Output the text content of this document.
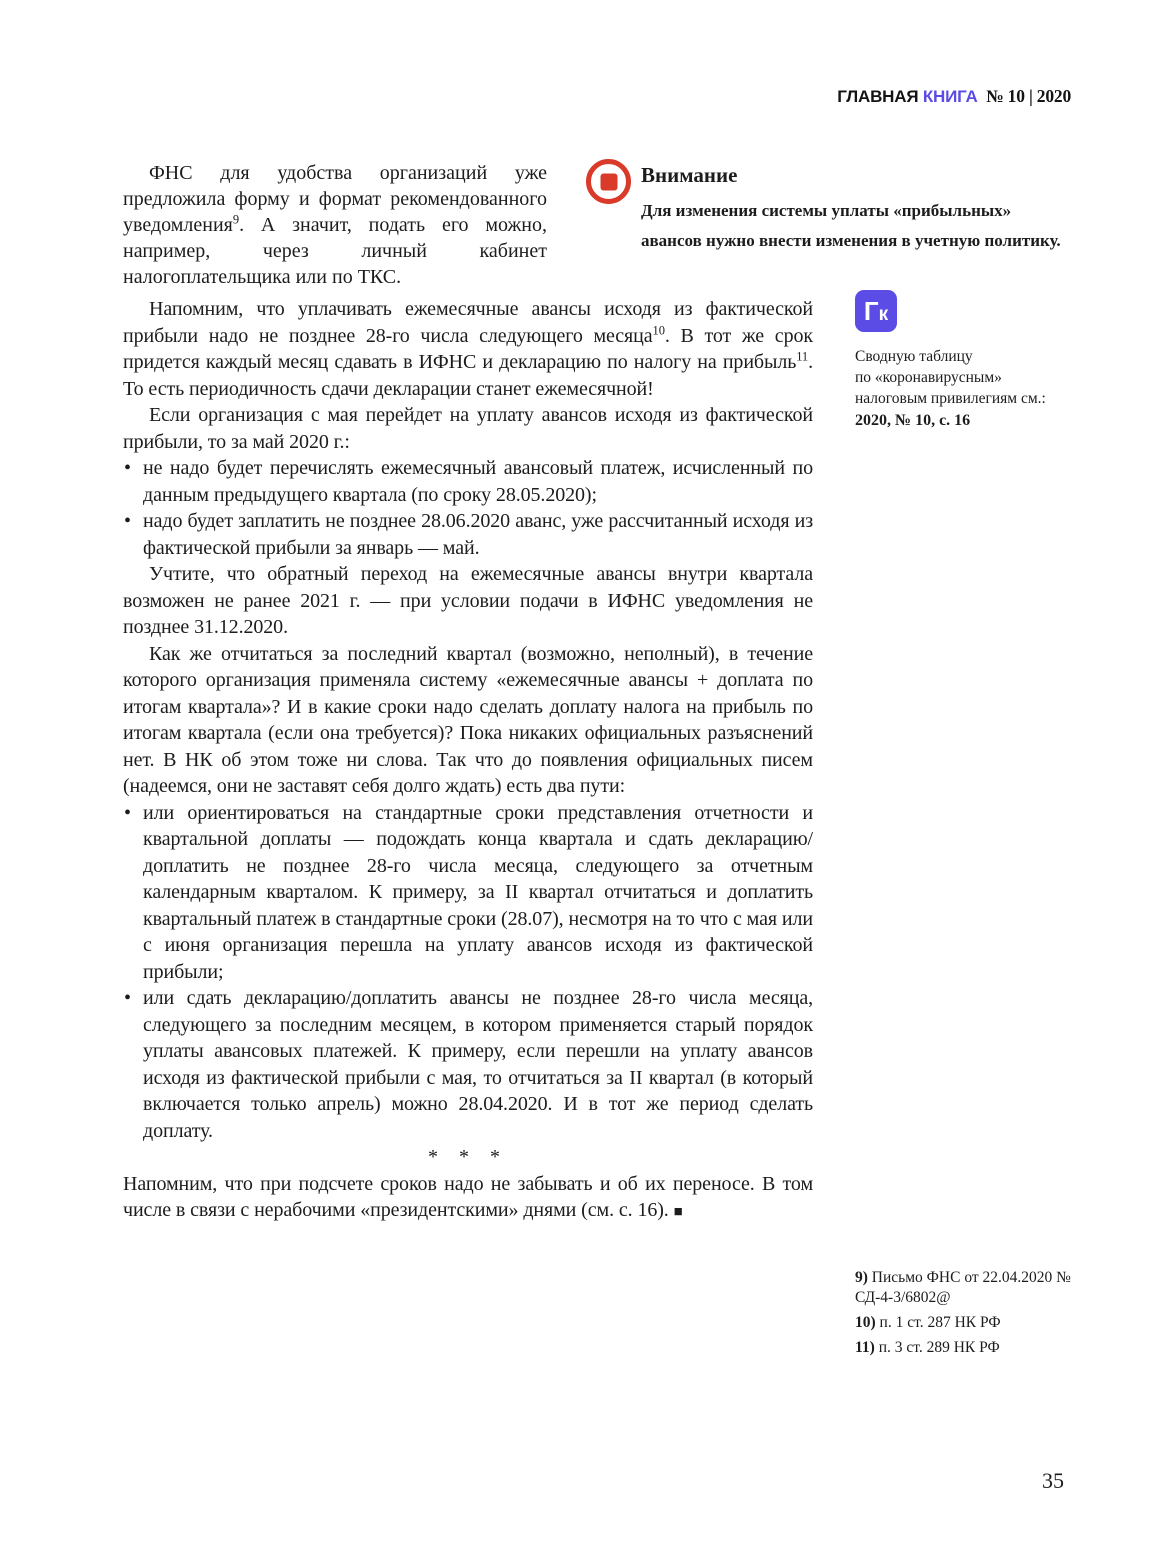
ГЛАВНАЯ КНИГА № 10 | 2020

ФНС для удобства организаций уже предложила форму и формат рекомендованного уведомления$^9$. А значит, подать его можно, например, через личный кабинет налогоплательщика или по ТКС.

Внимание
Для изменения системы уплаты «прибыльных» авансов нужно внести изменения в учетную политику.

Напомним, что уплачивать ежемесячные авансы исходя из фактической прибыли надо не позднее 28-го числа следующего месяца$^{10}$. В тот же срок придется каждый месяц сдавать в ИФНС и декларацию по налогу на прибыль$^{11}$. То есть периодичность сдачи декларации станет ежемесячной!

Если организация с мая перейдет на уплату авансов исходя из фактической прибыли, то за май 2020 г.:

• не надо будет перечислять ежемесячный авансовый платеж, исчисленный по данным предыдущего квартала (по сроку 28.05.2020);
• надо будет заплатить не позднее 28.06.2020 аванс, уже рассчитанный исходя из фактической прибыли за январь — май.

Учтите, что обратный переход на ежемесячные авансы внутри квартала возможен не ранее 2021 г. — при условии подачи в ИФНС уведомления не позднее 31.12.2020.

Как же отчитаться за последний квартал (возможно, неполный), в течение которого организация применяла систему «ежемесячные авансы + доплата по итогам квартала»? И в какие сроки надо сделать доплату налога на прибыль по итогам квартала (если она требуется)? Пока никаких официальных разъяснений нет. В НК об этом тоже ни слова. Так что до появления официальных писем (надеемся, они не заставят себя долго ждать) есть два пути:

• или ориентироваться на стандартные сроки представления отчетности и квартальной доплаты — подождать конца квартала и сдать декларацию/доплатить не позднее 28-го числа месяца, следующего за отчетным календарным кварталом. К примеру, за II квартал отчитаться и доплатить квартальный платеж в стандартные сроки (28.07), несмотря на то что с мая или с июня организация перешла на уплату авансов исходя из фактической прибыли;
• или сдать декларацию/доплатить авансы не позднее 28-го числа месяца, следующего за последним месяцем, в котором применяется старый порядок уплаты авансовых платежей. К примеру, если перешли на уплату авансов исходя из фактической прибыли с мая, то отчитаться за II квартал (в который включается только апрель) можно 28.04.2020. И в тот же период сделать доплату.

* * *

Напомним, что при подсчете сроков надо не забывать и об их переносе. В том числе в связи с нерабочими «президентскими» днями (см. с. 16). ■

Г к
Сводную таблицу
по «коронавирусным»
налоговым привилегиям см.:
2020, № 10, с. 16

9) Письмо ФНС от 22.04.2020 № СД-4-3/6802@

10) п. 1 ст. 287 НК РФ

11) п. 3 ст. 289 НК РФ

35
